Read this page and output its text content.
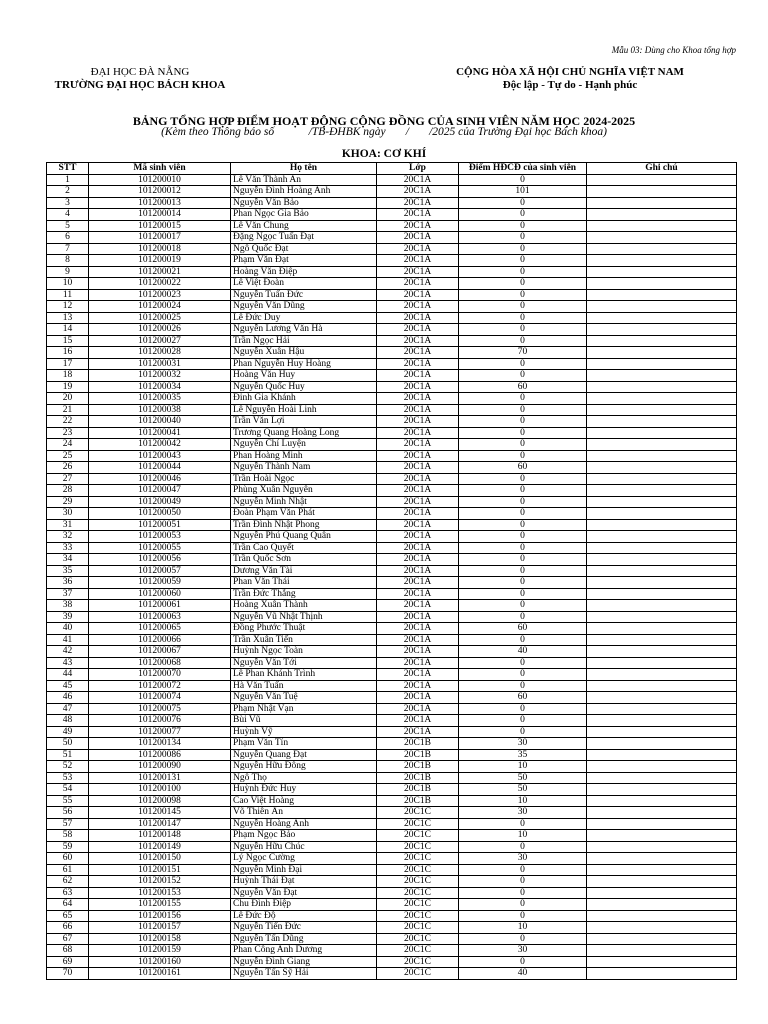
Mẫu 03: Dùng cho Khoa tổng hợp
ĐẠI HỌC ĐÀ NẴNG
TRƯỜNG ĐẠI HỌC BÁCH KHOA
CỘNG HÒA XÃ HỘI CHỦ NGHĨA VIỆT NAM
Độc lập - Tự do - Hạnh phúc
BẢNG TỔNG HỢP ĐIỂM HOẠT ĐỘNG CỘNG ĐỒNG CỦA SINH VIÊN NĂM HỌC 2024-2025
(Kèm theo Thông báo số            /TB-ĐHBK ngày       /       /2025 của Trường Đại học Bách khoa)
KHOA: CƠ KHÍ
STT	Mã sinh viên	Họ tên	Lớp	Điểm HĐCĐ của sinh viên	Ghi chú
1	101200010	Lê Văn Thành An	20C1A	0	
2	101200012	Nguyễn Đình Hoàng Anh	20C1A	101	
3	101200013	Nguyễn Văn Bảo	20C1A	0	
4	101200014	Phan Ngọc Gia Bảo	20C1A	0	
5	101200015	Lê Văn Chung	20C1A	0	
6	101200017	Đặng Ngọc Tuấn Đạt	20C1A	0	
7	101200018	Ngô Quốc Đạt	20C1A	0	
8	101200019	Phạm Văn Đạt	20C1A	0	
9	101200021	Hoàng Văn Điệp	20C1A	0	
10	101200022	Lê Việt Đoàn	20C1A	0	
11	101200023	Nguyễn Tuấn Đức	20C1A	0	
12	101200024	Nguyễn Văn Dũng	20C1A	0	
13	101200025	Lê Đức Duy	20C1A	0	
14	101200026	Nguyễn Lương Văn Hà	20C1A	0	
15	101200027	Trần Ngọc Hải	20C1A	0	
16	101200028	Nguyễn Xuân Hậu	20C1A	70	
17	101200031	Phan Nguyễn Huy Hoàng	20C1A	0	
18	101200032	Hoàng Văn Huy	20C1A	0	
19	101200034	Nguyễn Quốc Huy	20C1A	60	
20	101200035	Đinh Gia Khánh	20C1A	0	
21	101200038	Lê Nguyễn Hoài Linh	20C1A	0	
22	101200040	Trần Văn Lợi	20C1A	0	
23	101200041	Trương Quang Hoàng Long	20C1A	0	
24	101200042	Nguyễn Chí Luyện	20C1A	0	
25	101200043	Phan Hoàng Minh	20C1A	0	
26	101200044	Nguyễn Thành Nam	20C1A	60	
27	101200046	Trần Hoài Ngọc	20C1A	0	
28	101200047	Phùng Xuân Nguyên	20C1A	0	
29	101200049	Nguyễn Minh Nhật	20C1A	0	
30	101200050	Đoàn Phạm Văn Phát	20C1A	0	
31	101200051	Trần Đình Nhật Phong	20C1A	0	
32	101200053	Nguyễn Phú Quang Quân	20C1A	0	
33	101200055	Trần Cao Quyết	20C1A	0	
34	101200056	Trần Quốc Sơn	20C1A	0	
35	101200057	Dương Văn Tài	20C1A	0	
36	101200059	Phan Văn Thái	20C1A	0	
37	101200060	Trần Đức Thắng	20C1A	0	
38	101200061	Hoàng Xuân Thành	20C1A	0	
39	101200063	Nguyễn Vũ Nhật Thịnh	20C1A	0	
40	101200065	Đồng Phước Thuật	20C1A	60	
41	101200066	Trần Xuân Tiến	20C1A	0	
42	101200067	Huỳnh Ngọc Toàn	20C1A	40	
43	101200068	Nguyễn Văn Tới	20C1A	0	
44	101200070	Lê Phan Khánh Trình	20C1A	0	
45	101200072	Hà Văn Tuấn	20C1A	0	
46	101200074	Nguyễn Văn Tuệ	20C1A	60	
47	101200075	Phạm Nhật Vạn	20C1A	0	
48	101200076	Bùi Vũ	20C1A	0	
49	101200077	Huỳnh Vỹ	20C1A	0	
50	101200134	Phạm Văn Tín	20C1B	30	
51	101200086	Nguyễn Quang Đạt	20C1B	35	
52	101200090	Nguyễn Hữu Đông	20C1B	10	
53	101200131	Ngô Thọ	20C1B	50	
54	101200100	Huỳnh Đức Huy	20C1B	50	
55	101200098	Cao Việt Hoàng	20C1B	10	
56	101200145	Võ Thiên Ân	20C1C	30	
57	101200147	Nguyễn Hoàng Anh	20C1C	0	
58	101200148	Phạm Ngọc Bảo	20C1C	10	
59	101200149	Nguyễn Hữu Chúc	20C1C	0	
60	101200150	Lý Ngọc Cường	20C1C	30	
61	101200151	Nguyễn Minh Đại	20C1C	0	
62	101200152	Huỳnh Thái Đạt	20C1C	0	
63	101200153	Nguyễn Văn Đạt	20C1C	0	
64	101200155	Chu Đình Điệp	20C1C	0	
65	101200156	Lê Đức Độ	20C1C	0	
66	101200157	Nguyễn Tiến Đức	20C1C	10	
67	101200158	Nguyễn Tấn Dũng	20C1C	0	
68	101200159	Phan Công Anh Dương	20C1C	30	
69	101200160	Nguyễn Đình Giang	20C1C	0	
70	101200161	Nguyễn Tấn Sỹ Hải	20C1C	40	
